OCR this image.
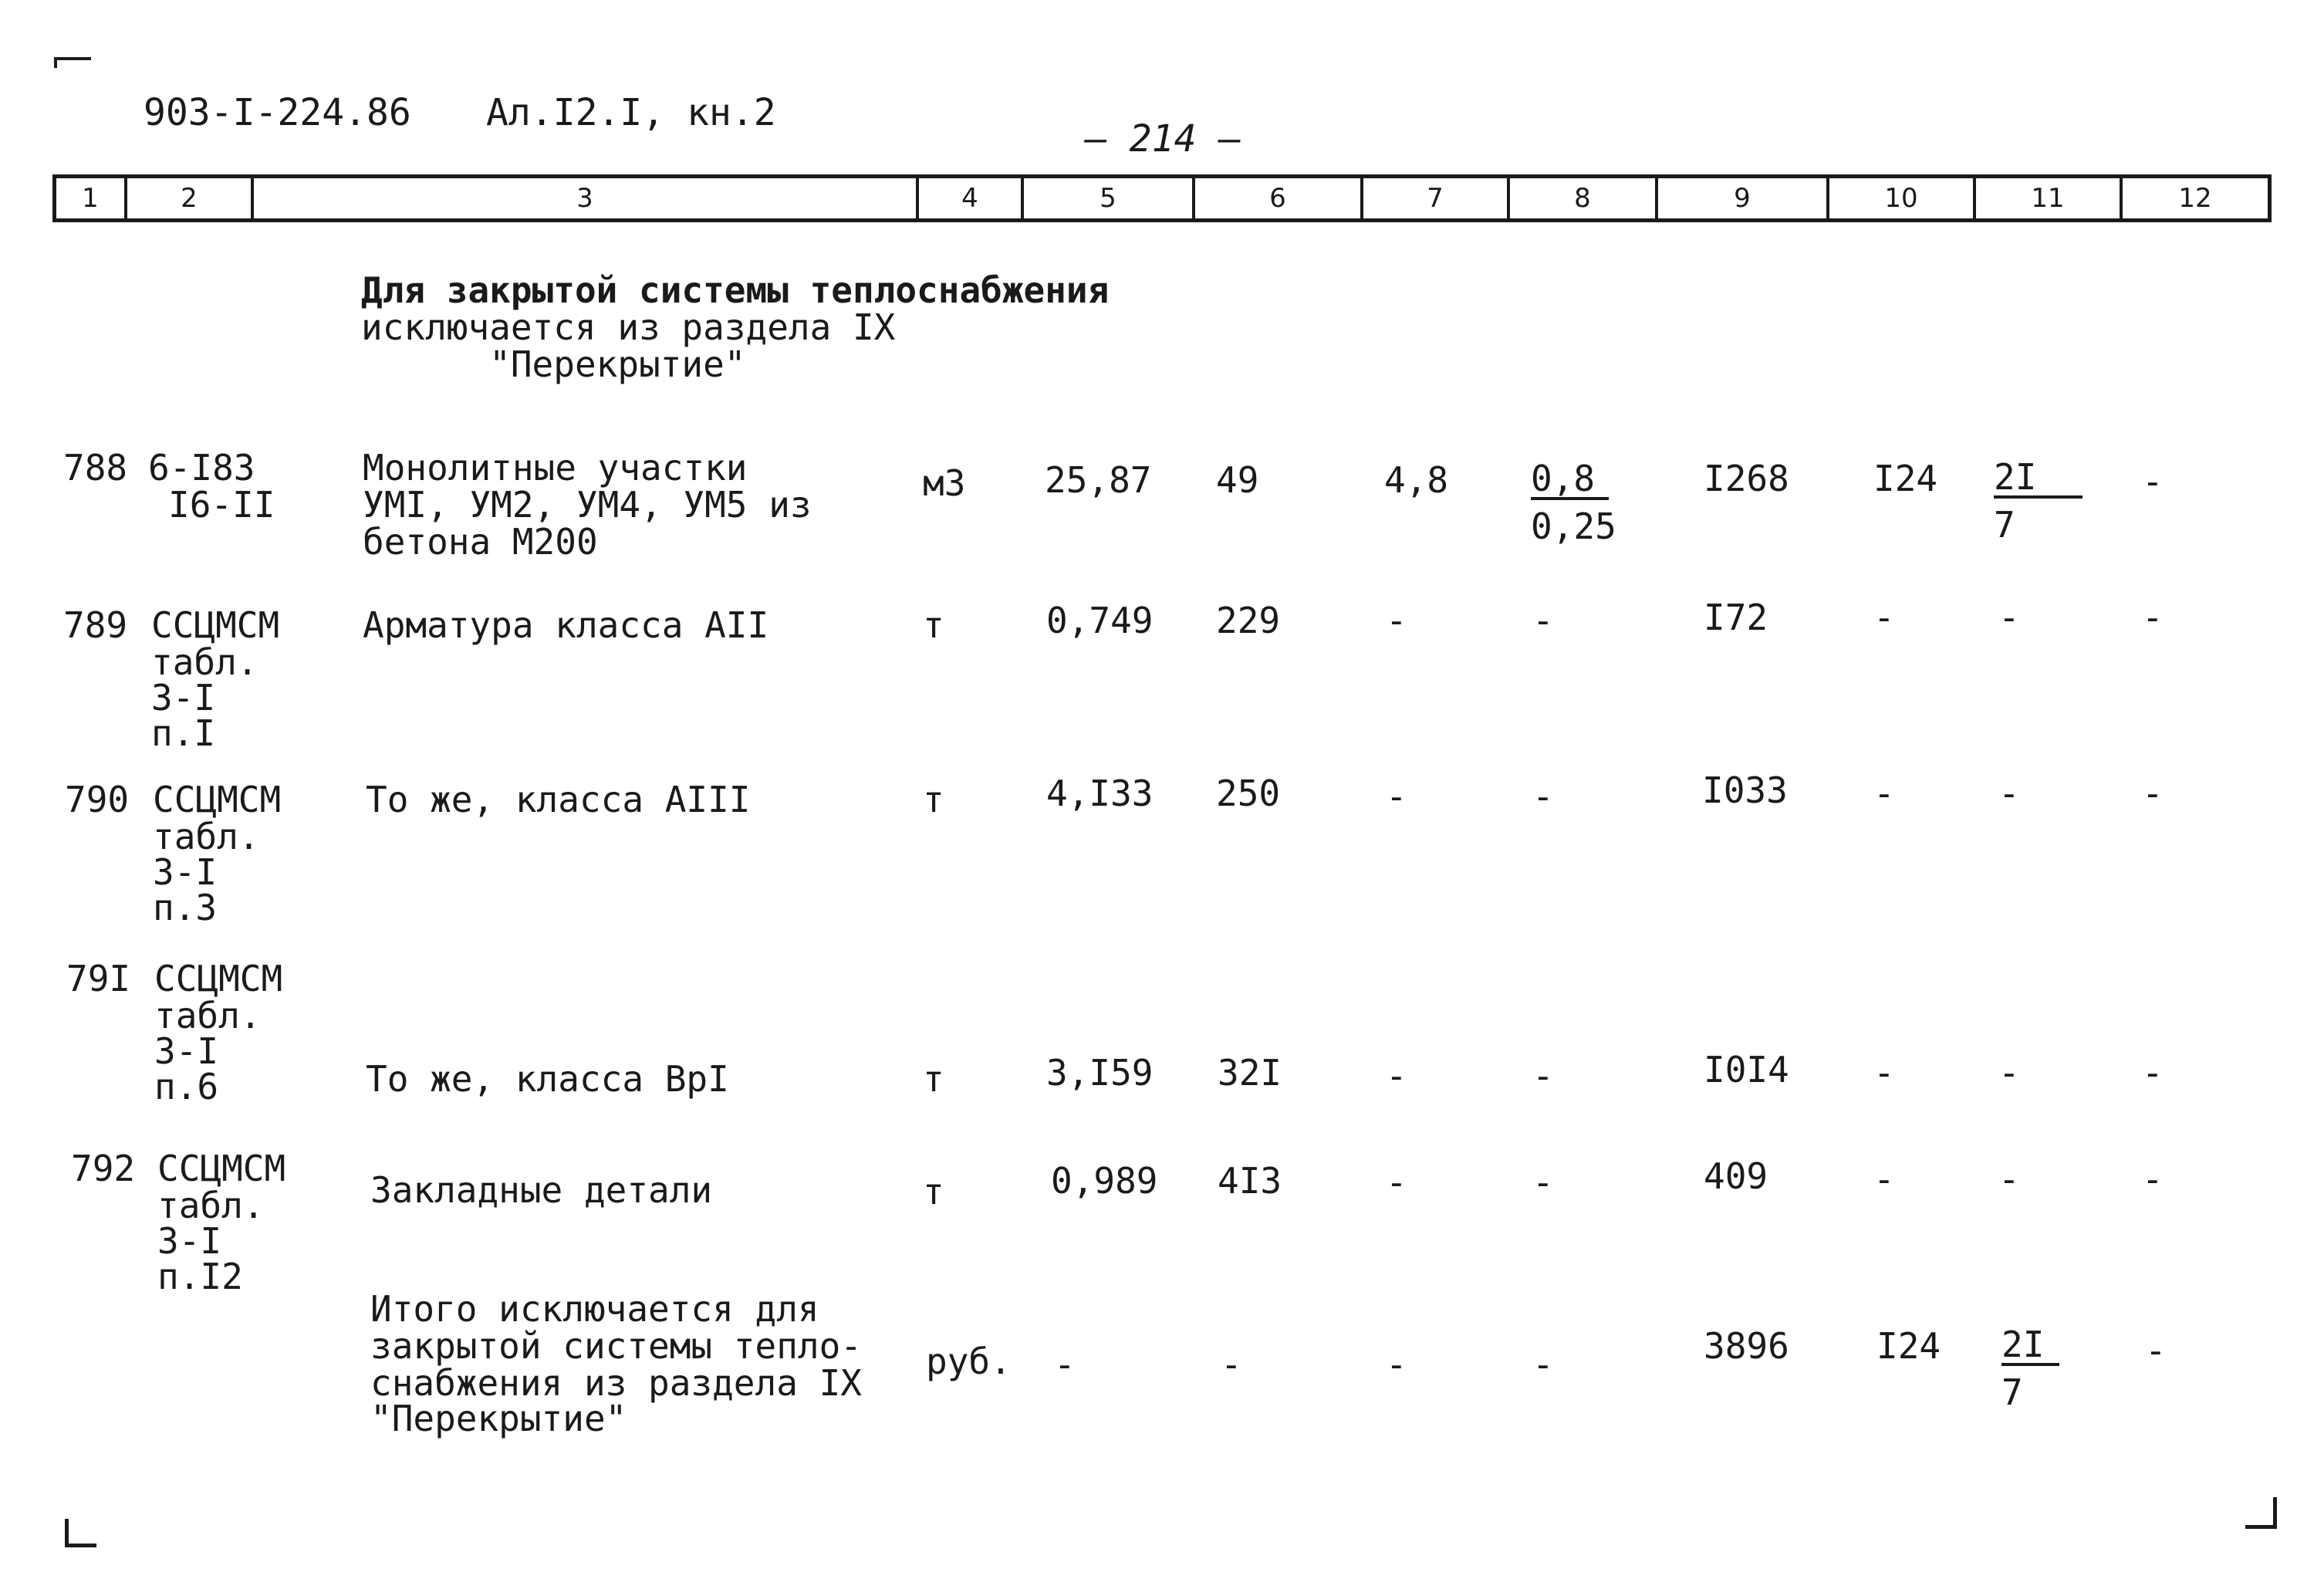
903-I-224.86 Ал.I2.I, кн.2
— 214 —
1	2	3	4	5	6	7	8	9	10	11	12
Для закрытой системы теплоснабжения
исключается из раздела IX
"Перекрытие"
788 6-I83
I6-II
Монолитные участки
УМI, УМ2, УМ4, УМ5 из
бетона М200
м3 25,87 49	$4,8 \frac{0,8}{0,25} I268$ $I24 \frac{2I}{7}$ -
789 ССЦМСМ
табл.
3-I
п.I
Арматура класса АII	т	0,749 229	-	-	I72	-	-	-
790 ССЦМСМ
табл.
3-I
п.3
То же, класса АIII	т	4,I33 250	-	-	I033 -	-	-
79I ССЦМСМ
табл.
3-I
п.6	То же, класса ВрI	т	3,I59 32I	-	-	I0I4 -	-	-
792 ССЦМСМ
табл.
3-I
п.I2
Закладные детали	т	0,989 4I3	-	-	409	-	-	-
Итого исключается для
закрытой системы тепло-
снабжения из раздела IX
"Перекрытие"
руб. -	-	-	-	3896 $I24 \frac{2I}{7}$ -
